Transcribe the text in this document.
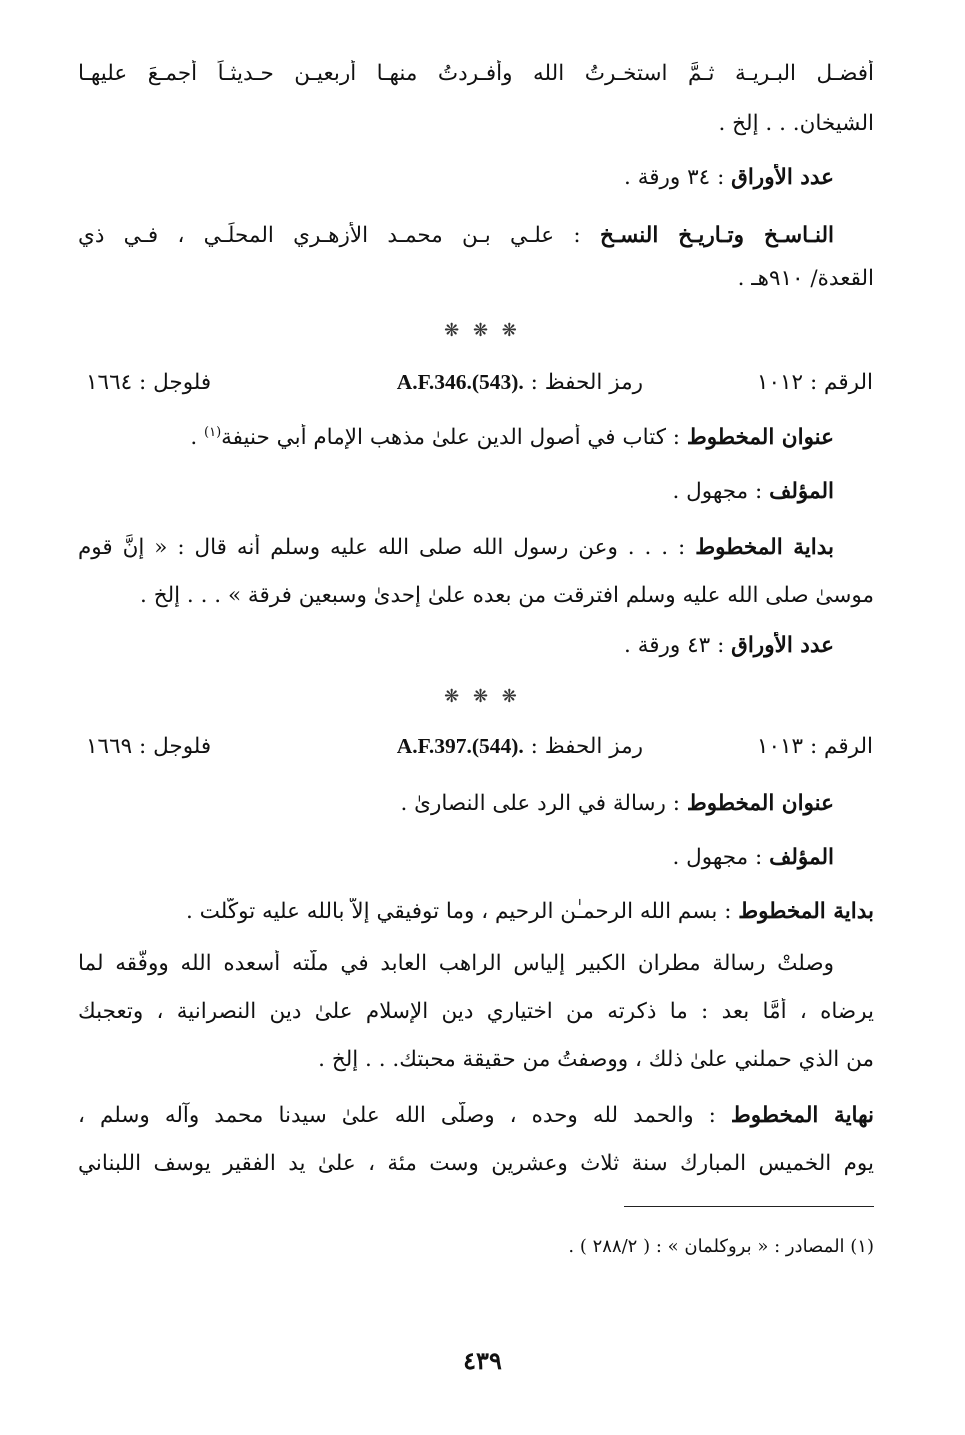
أفضـل البـريـة ثـمَّ استخـرتُ الله وأفـردتُ منهـا أربعيـن حـديثـاً أجمـعَ عليهـا
الشيخان. . . إلخ .
عدد الأوراق : ٣٤ ورقة .
النـاسـخ وتـاريـخ النسـخ : علـي بـن محمـد الأزهـري المحلِّـي ، فـي ذي
القعدة/ ٩١٠هـ .
❋ ❋ ❋
الرقم : ١٠١٢
رمز الحفظ : A.F.346.(543).
فلوجل : ١٦٦٤
عنوان المخطوط : كتاب في أصول الدين علىٰ مذهب الإمام أبي حنيفة$^{(١)}$ .
المؤلف : مجهول .
بداية المخطوط : . . . وعن رسول الله صلى الله عليه وسلم أنه قال : « إنَّ قوم
موسىٰ صلى الله عليه وسلم افترقت من بعده علىٰ إحدىٰ وسبعين فرقة » . . . إلخ .
عدد الأوراق : ٤٣ ورقة .
❋ ❋ ❋
الرقم : ١٠١٣
رمز الحفظ : A.F.397.(544).
فلوجل : ١٦٦٩
عنوان المخطوط : رسالة في الرد على النصارىٰ .
المؤلف : مجهول .
بداية المخطوط : بسم الله الرحمـٰن الرحيم ، وما توفيقي إلاَّ بالله عليه توكَّلت .
وصلتْ رسالة مطران الكبير إلياس الراهب العابد في ملَّته أسعده الله ووفَّقه لما
يرضاه ، أمَّا بعد : ما ذكرته من اختياري دين الإسلام علىٰ دين النصرانية ، وتعجبك
من الذي حملني علىٰ ذلك ، ووصفتُ من حقيقة محبتك. . . إلخ .
نهاية المخطوط : والحمد لله وحده ، وصلَّى الله علىٰ سيدنا محمد وآله وسلم ،
يوم الخميس المبارك سنة ثلاث وعشرين وست مئة ، علىٰ يد الفقير يوسف اللبناني
(١) المصادر : « بروكلمان » : ( ٢٨٨/٢ ) .
٤٣٩
